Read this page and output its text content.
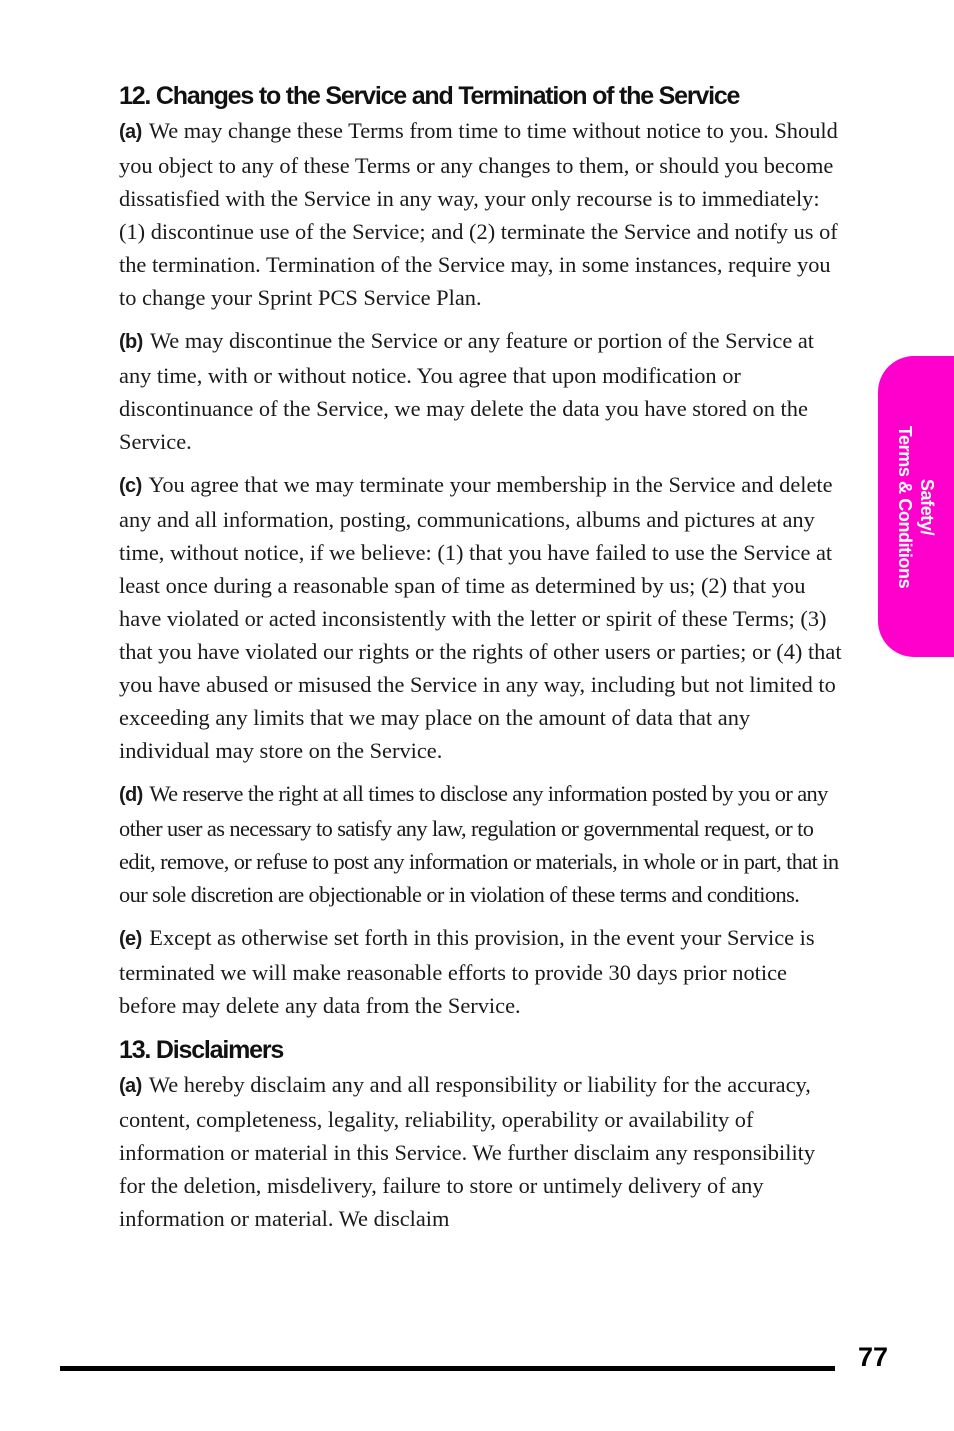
12. Changes to the Service and Termination of the Service

(a) We may change these Terms from time to time without notice to you. Should you object to any of these Terms or any changes to them, or should you become dissatisfied with the Service in any way, your only recourse is to immediately: (1) discontinue use of the Service; and (2) terminate the Service and notify us of the termination. Termination of the Service may, in some instances, require you to change your Sprint PCS Service Plan.

(b) We may discontinue the Service or any feature or portion of the Service at any time, with or without notice. You agree that upon modification or discontinuance of the Service, we may delete the data you have stored on the Service.

(c) You agree that we may terminate your membership in the Service and delete any and all information, posting, communications, albums and pictures at any time, without notice, if we believe: (1) that you have failed to use the Service at least once during a reasonable span of time as determined by us; (2) that you have violated or acted inconsistently with the letter or spirit of these Terms; (3) that you have violated our rights or the rights of other users or parties; or (4) that you have abused or misused the Service in any way, including but not limited to exceeding any limits that we may place on the amount of data that any individual may store on the Service.

(d) We reserve the right at all times to disclose any information posted by you or any other user as necessary to satisfy any law, regulation or governmental request, or to edit, remove, or refuse to post any information or materials, in whole or in part, that in our sole discretion are objectionable or in violation of these terms and conditions.

(e) Except as otherwise set forth in this provision, in the event your Service is terminated we will make reasonable efforts to provide 30 days prior notice before may delete any data from the Service.

13. Disclaimers

(a) We hereby disclaim any and all responsibility or liability for the accuracy, content, completeness, legality, reliability, operability or availability of information or material in this Service. We further disclaim any responsibility for the deletion, misdelivery, failure to store or untimely delivery of any information or material. We disclaim

Safety/
Terms & Conditions
77
